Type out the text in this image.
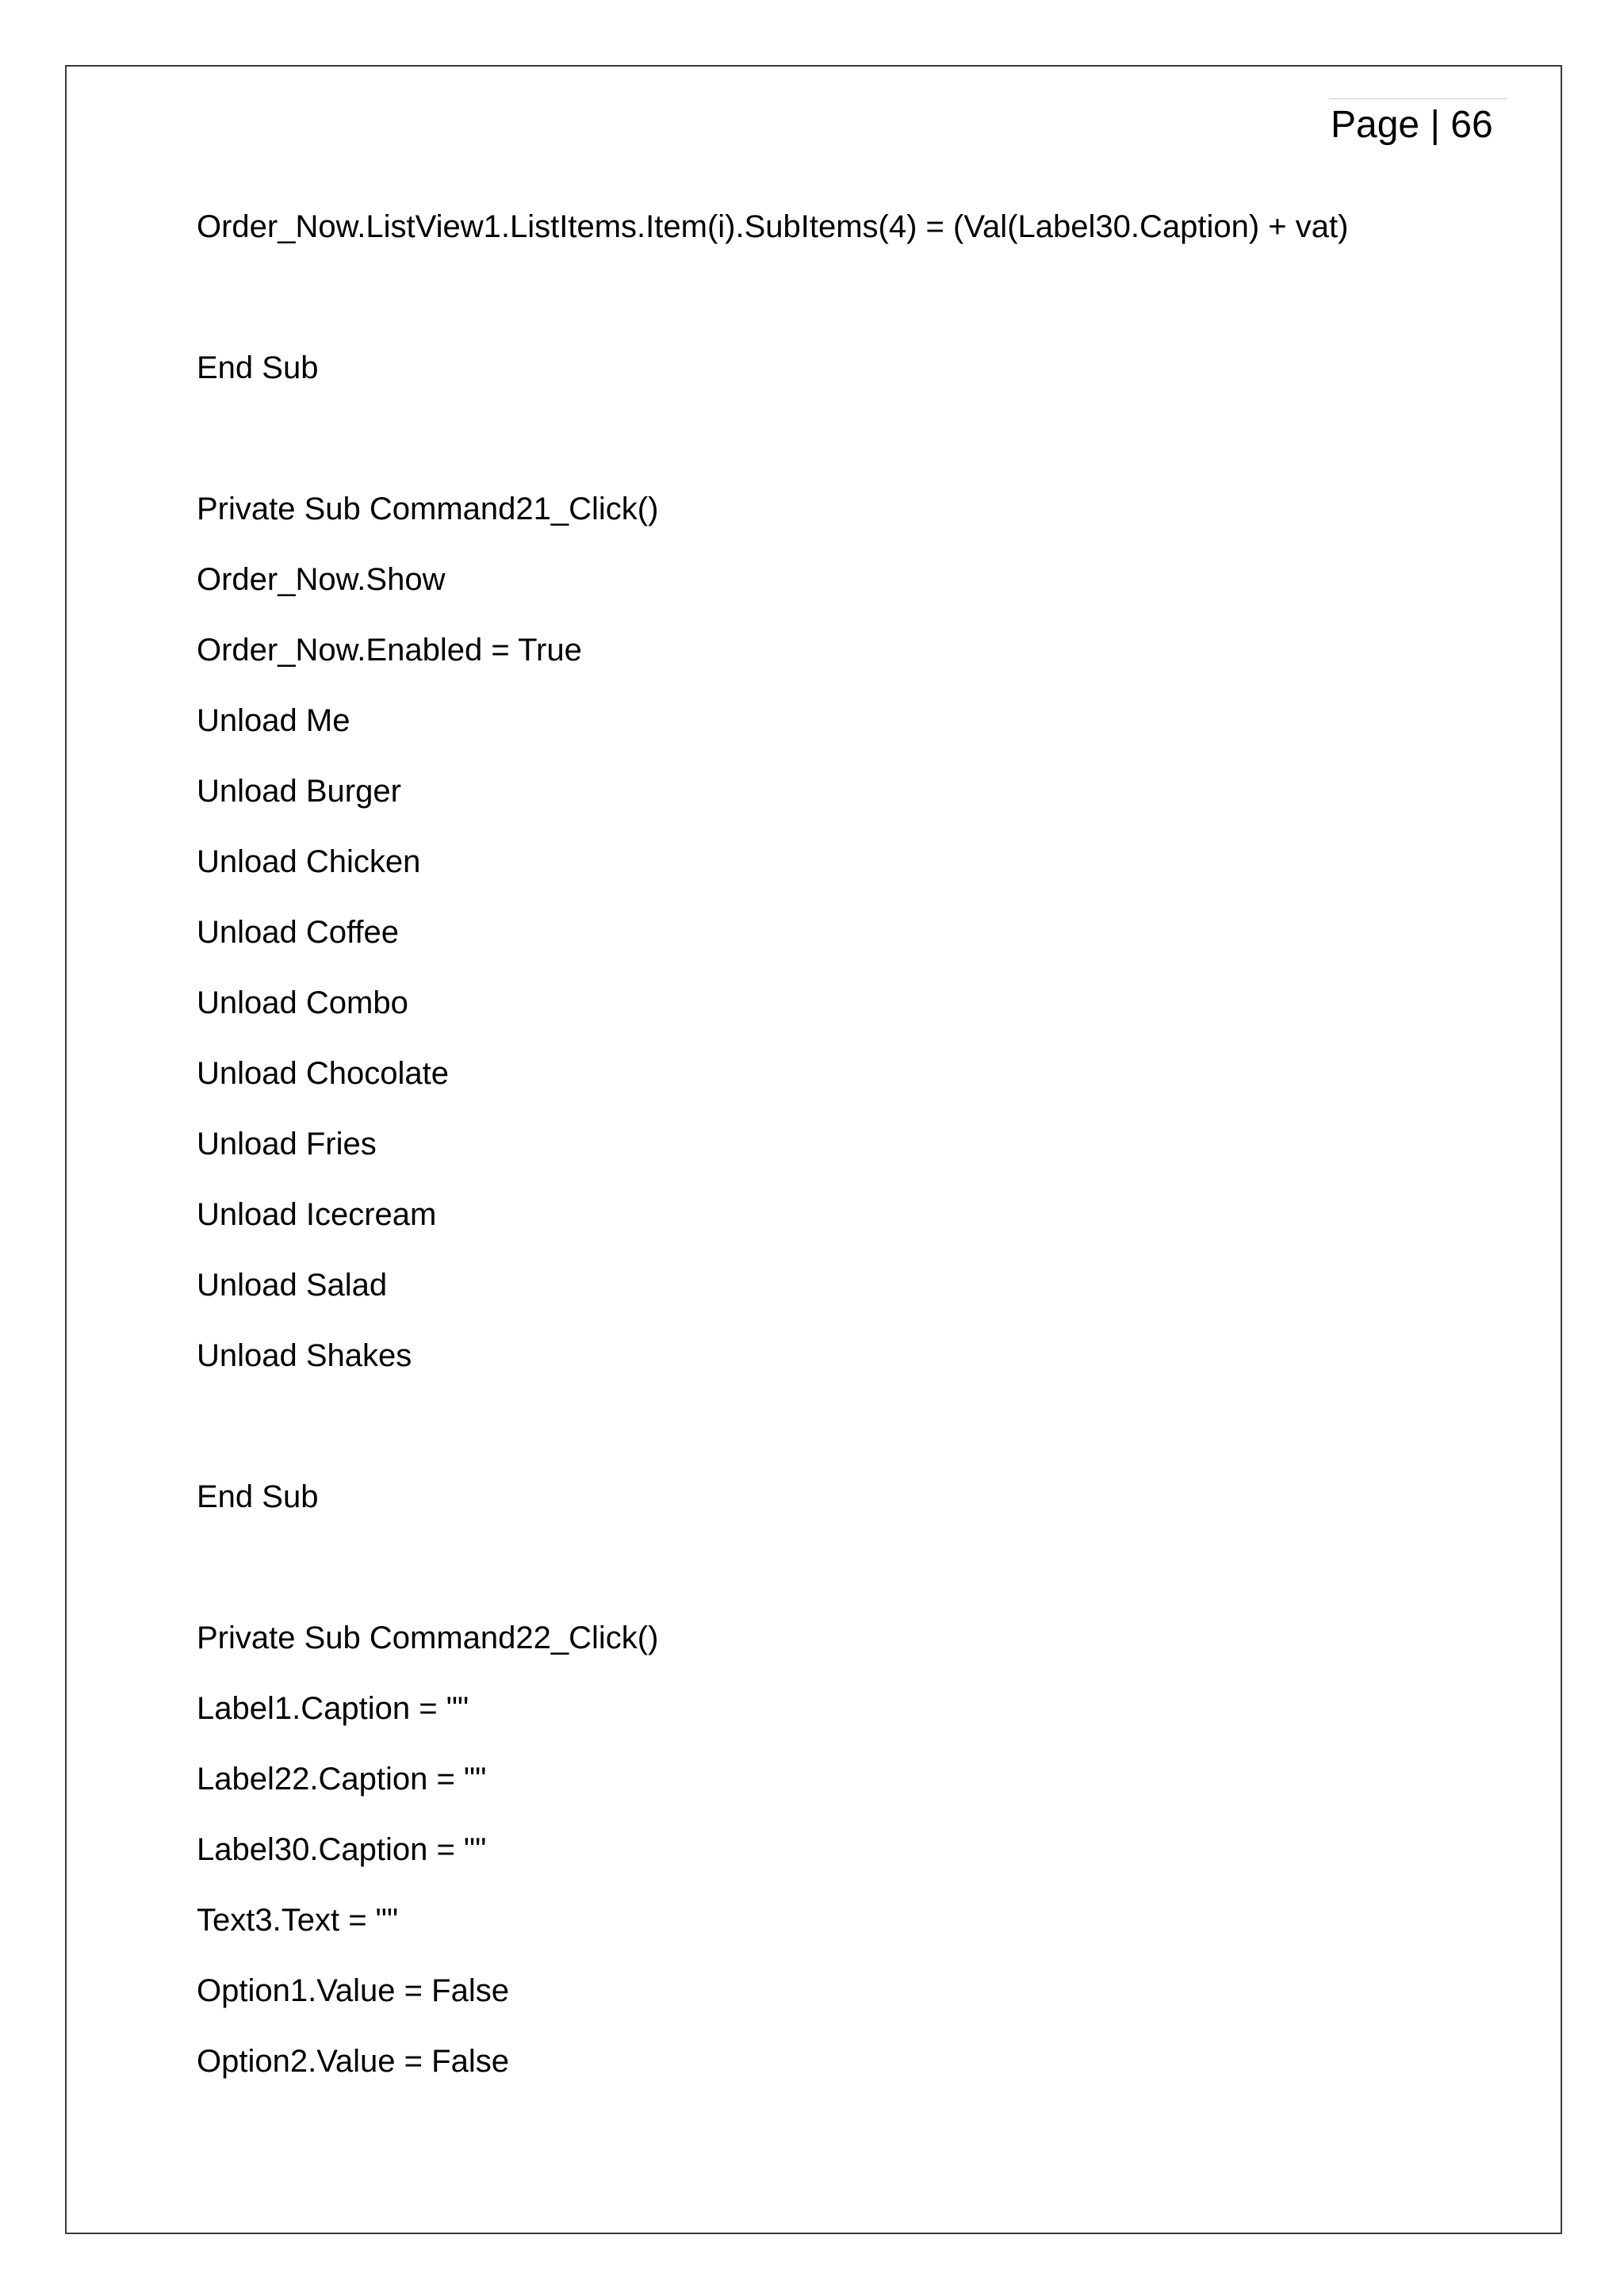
Page | 66
Order_Now.ListView1.ListItems.Item(i).SubItems(4) = (Val(Label30.Caption) + vat)
End Sub
Private Sub Command21_Click()
Order_Now.Show
Order_Now.Enabled = True
Unload Me
Unload Burger
Unload Chicken
Unload Coffee
Unload Combo
Unload Chocolate
Unload Fries
Unload Icecream
Unload Salad
Unload Shakes
End Sub
Private Sub Command22_Click()
Label1.Caption = ""
Label22.Caption = ""
Label30.Caption = ""
Text3.Text = ""
Option1.Value = False
Option2.Value = False
